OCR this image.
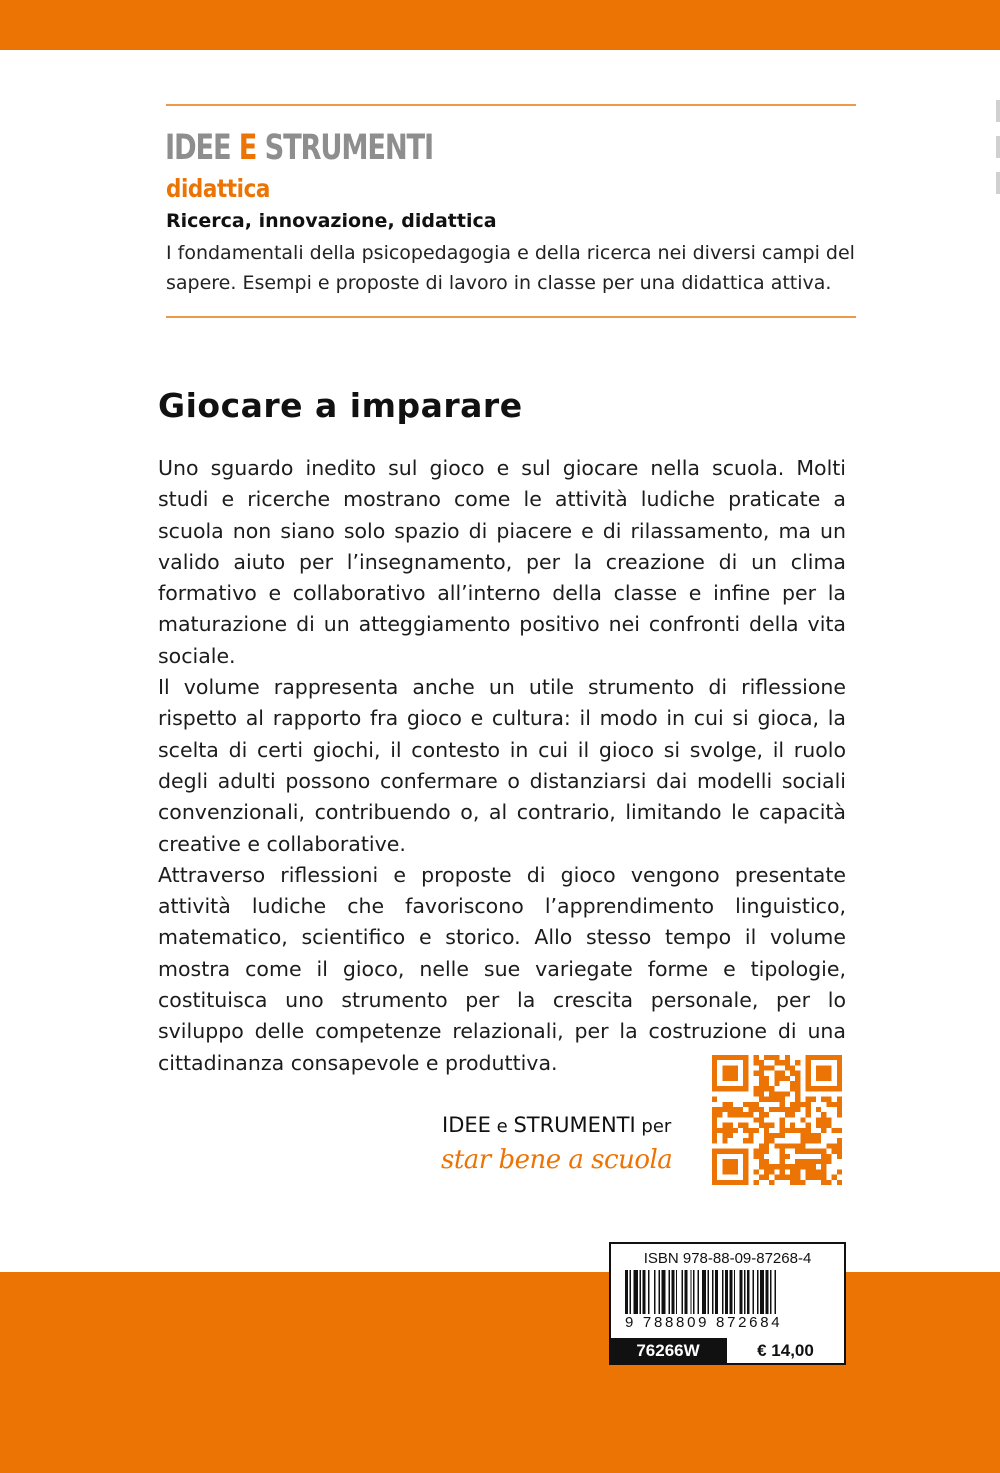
IDEE E STRUMENTI
didattica
Ricerca, innovazione, didattica
I fondamentali della psicopedagogia e della ricerca nei diversi campi del sapere. Esempi e proposte di lavoro in classe per una didattica attiva.
Giocare a imparare

Uno sguardo inedito sul gioco e sul giocare nella scuola. Molti studi e ricerche mostrano come le attività ludiche praticate a scuola non siano solo spazio di piacere e di rilassamento, ma un valido aiuto per l’insegnamento, per la creazione di un clima formativo e collaborativo all’interno della classe e infine per la maturazione di un atteggiamento positivo nei confronti della vita sociale.

Il volume rappresenta anche un utile strumento di riflessione rispetto al rapporto fra gioco e cultura: il modo in cui si gioca, la scelta di certi giochi, il contesto in cui il gioco si svolge, il ruolo degli adulti possono confermare o distanziarsi dai modelli sociali convenzionali, contribuendo o, al contrario, limitando le capacità creative e collaborative.

Attraverso riflessioni e proposte di gioco vengono presentate attività ludiche che favoriscono l’apprendimento linguistico, matematico, scientifico e storico. Allo stesso tempo il volume mostra come il gioco, nelle sue variegate forme e tipologie, costituisca uno strumento per la crescita personale, per lo sviluppo delle competenze relazionali, per la costruzione di una cittadinanza consapevole e produttiva.

IDEE e STRUMENTI per
star bene a scuola
ISBN 978-88-09-87268-4
9 788809 872684
76266W	€ 14,00
